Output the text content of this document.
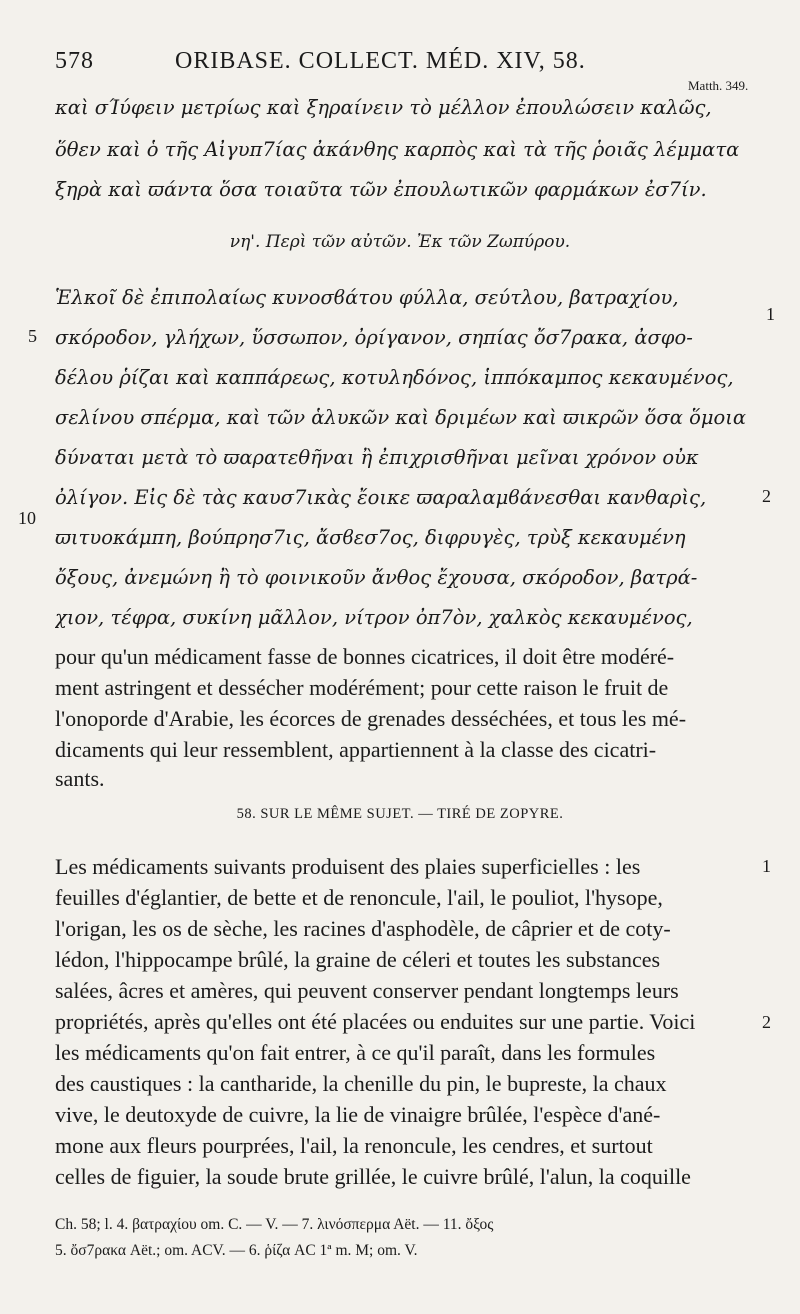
578	ORIBASE. COLLECT. MÉD. XIV, 58.
Matth. 349.
καὶ σΊύφειν μετρίως καὶ ξηραίνειν τὸ μέλλον ἐπουλώσειν καλῶς,
ὅθεν καὶ ὁ τῆς Αἰγυπ7ίας ἀκάνθης καρπὸς καὶ τὰ τῆς ῥοιᾶς λέμματα
ξηρὰ καὶ ϖάντα ὅσα τοιαῦτα τῶν ἐπουλωτικῶν φαρμάκων ἐσ7ίν.
νη'. Περὶ τῶν αὐτῶν. Ἐκ τῶν Ζωπύρου.
Ἑλκοῖ δὲ ἐπιπολαίως κυνοσϐάτου φύλλα, σεύτλου, βατραχίου,
σκόροδον, γλήχων, ὕσσωπον, ὀρίγανον, σηπίας ὄσ7ρακα, ἀσφο-
δέλου ῥίζαι καὶ καππάρεως, κοτυληδόνος, ἱππόκαμπος κεκαυμένος,
σελίνου σπέρμα, καὶ τῶν ἁλυκῶν καὶ δριμέων καὶ ϖικρῶν ὅσα ὅμοια
δύναται μετὰ τὸ ϖαρατεθῆναι ἢ ἐπιχρισθῆναι μεῖναι χρόνον οὐκ
ὀλίγον. Εἰς δὲ τὰς καυσ7ικὰς ἔοικε ϖαραλαμϐάνεσθαι κανθαρὶς,
ϖιτυοκάμπη, βούπρησ7ις, ἄσϐεσ7ος, διφρυγὲς, τρὺξ κεκαυμένη
ὄξους, ἀνεμώνη ἢ τὸ φοινικοῦν ἄνθος ἔχουσα, σκόροδον, βατρά-
χιον, τέφρα, συκίνη μᾶλλον, νίτρον ὀπ7ὸν, χαλκὸς κεκαυμένος,
5
10
1
2
pour qu'un médicament fasse de bonnes cicatrices, il doit être modéré-
ment astringent et dessécher modérément; pour cette raison le fruit de
l'onoporde d'Arabie, les écorces de grenades desséchées, et tous les mé-
dicaments qui leur ressemblent, appartiennent à la classe des cicatri-
sants.
58. SUR LE MÊME SUJET. — TIRÉ DE ZOPYRE.
Les médicaments suivants produisent des plaies superficielles : les
feuilles d'églantier, de bette et de renoncule, l'ail, le pouliot, l'hysope,
l'origan, les os de sèche, les racines d'asphodèle, de câprier et de coty-
lédon, l'hippocampe brûlé, la graine de céleri et toutes les substances
salées, âcres et amères, qui peuvent conserver pendant longtemps leurs
propriétés, après qu'elles ont été placées ou enduites sur une partie. Voici
les médicaments qu'on fait entrer, à ce qu'il paraît, dans les formules
des caustiques : la cantharide, la chenille du pin, le bupreste, la chaux
vive, le deutoxyde de cuivre, la lie de vinaigre brûlée, l'espèce d'ané-
mone aux fleurs pourprées, l'ail, la renoncule, les cendres, et surtout
celles de figuier, la soude brute grillée, le cuivre brûlé, l'alun, la coquille
1
2
Ch. 58; l. 4. βατραχίου om. C. — V. — 7. λινόσπερμα Αët. — 11. ὄξος
5. ὄσ7ρακα Aët.; om. ACV. — 6. ῥίζα AC 1ª m. M; om. V.
